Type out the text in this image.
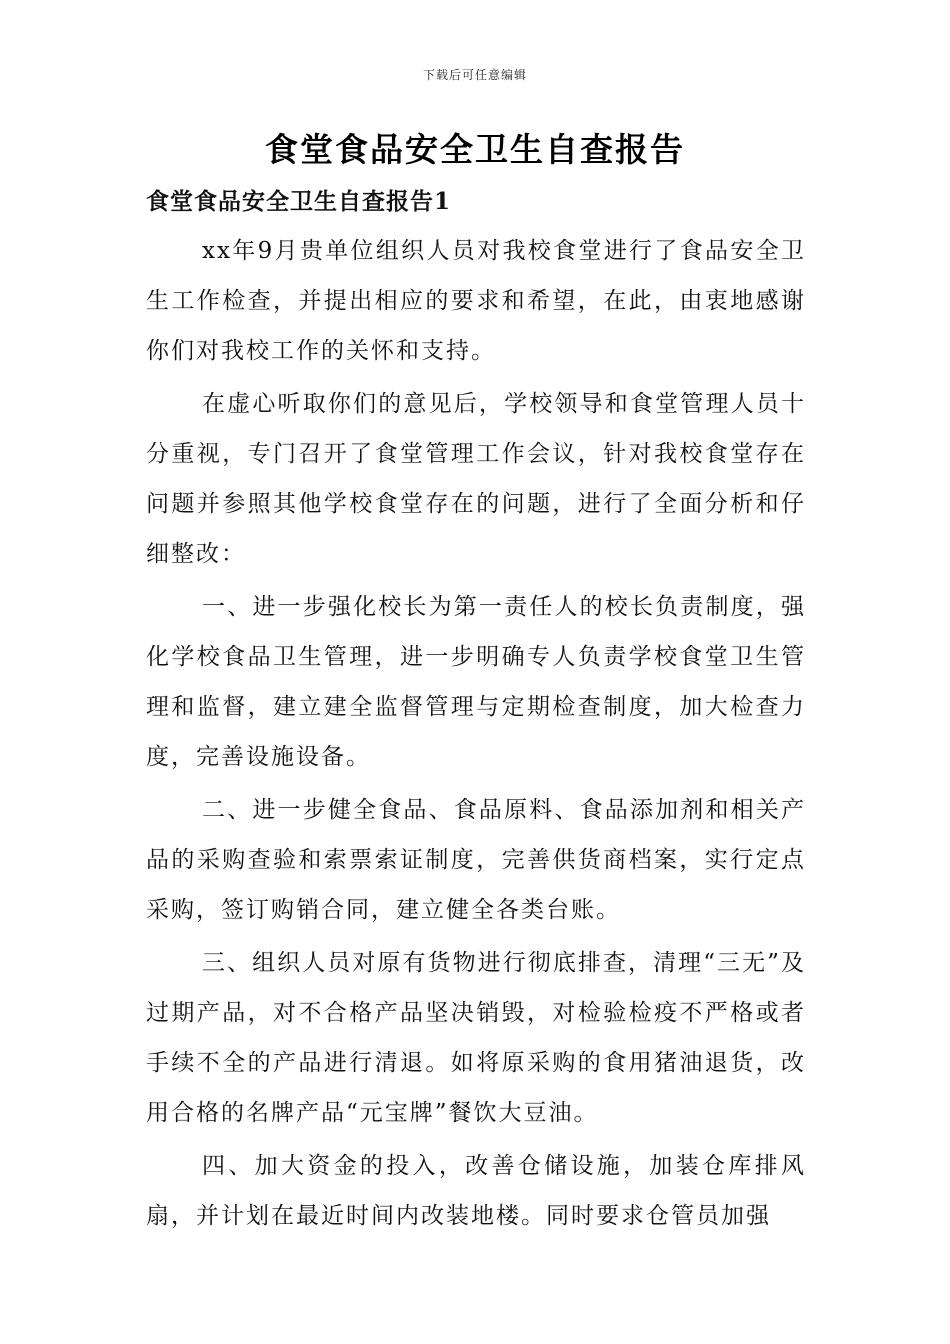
下载后可任意编辑
食堂食品安全卫生自查报告
食堂食品安全卫生自查报告1

xx年9月贵单位组织人员对我校食堂进行了食品安全卫生工作检查，并提出相应的要求和希望，在此，由衷地感谢你们对我校工作的关怀和支持。

在虚心听取你们的意见后，学校领导和食堂管理人员十分重视，专门召开了食堂管理工作会议，针对我校食堂存在问题并参照其他学校食堂存在的问题，进行了全面分析和仔细整改：

一、进一步强化校长为第一责任人的校长负责制度，强化学校食品卫生管理，进一步明确专人负责学校食堂卫生管理和监督，建立建全监督管理与定期检查制度，加大检查力度，完善设施设备。

二、进一步健全食品、食品原料、食品添加剂和相关产品的采购查验和索票索证制度，完善供货商档案，实行定点采购，签订购销合同，建立健全各类台账。

三、组织人员对原有货物进行彻底排查，清理“三无”及过期产品，对不合格产品坚决销毁，对检验检疫不严格或者手续不全的产品进行清退。如将原采购的食用猪油退货，改用合格的名牌产品“元宝牌”餐饮大豆油。

四、加大资金的投入，改善仓储设施，加装仓库排风扇，并计划在最近时间内改装地楼。同时要求仓管员加强
